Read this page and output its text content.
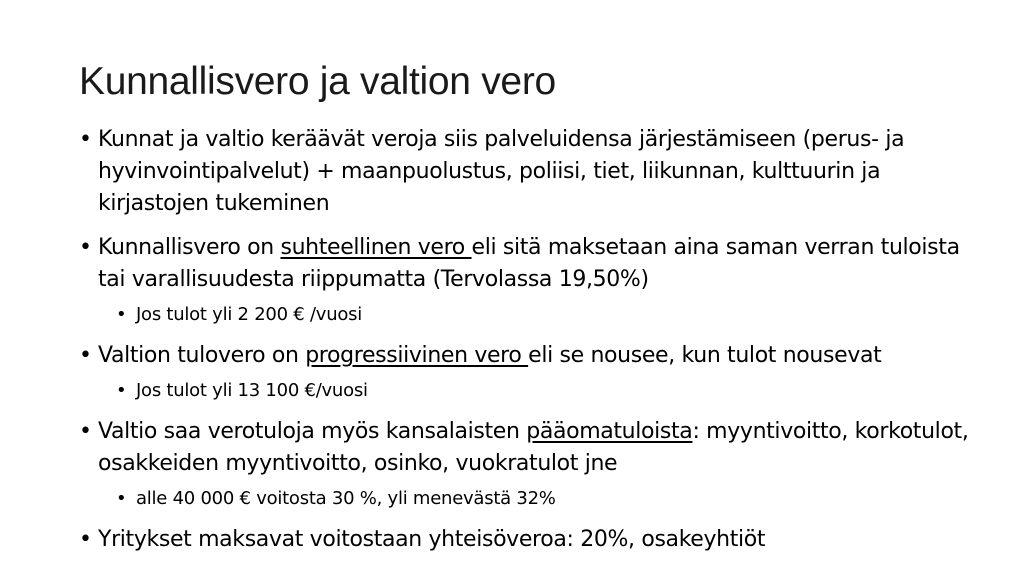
Kunnallisvero ja valtion vero
• Kunnat ja valtio keräävät veroja siis palveluidensa järjestämiseen (perus- ja hyvinvointipalvelut) + maanpuolustus, poliisi, tiet, liikunnan, kulttuurin ja kirjastojen tukeminen
• Kunnallisvero on suhteellinen vero eli sitä maksetaan aina saman verran tuloista tai varallisuudesta riippumatta (Tervolassa 19,50%)
• Jos tulot yli 2 200 € /vuosi
• Valtion tulovero on progressiivinen vero eli se nousee, kun tulot nousevat
• Jos tulot yli 13 100 €/vuosi
• Valtio saa verotuloja myös kansalaisten pääomatuloista: myyntivoitto, korkotulot, osakkeiden myyntivoitto, osinko, vuokratulot jne
• alle 40 000 € voitosta 30 %, yli menevästä 32%
• Yritykset maksavat voitostaan yhteisöveroa: 20%, osakeyhtiöt
